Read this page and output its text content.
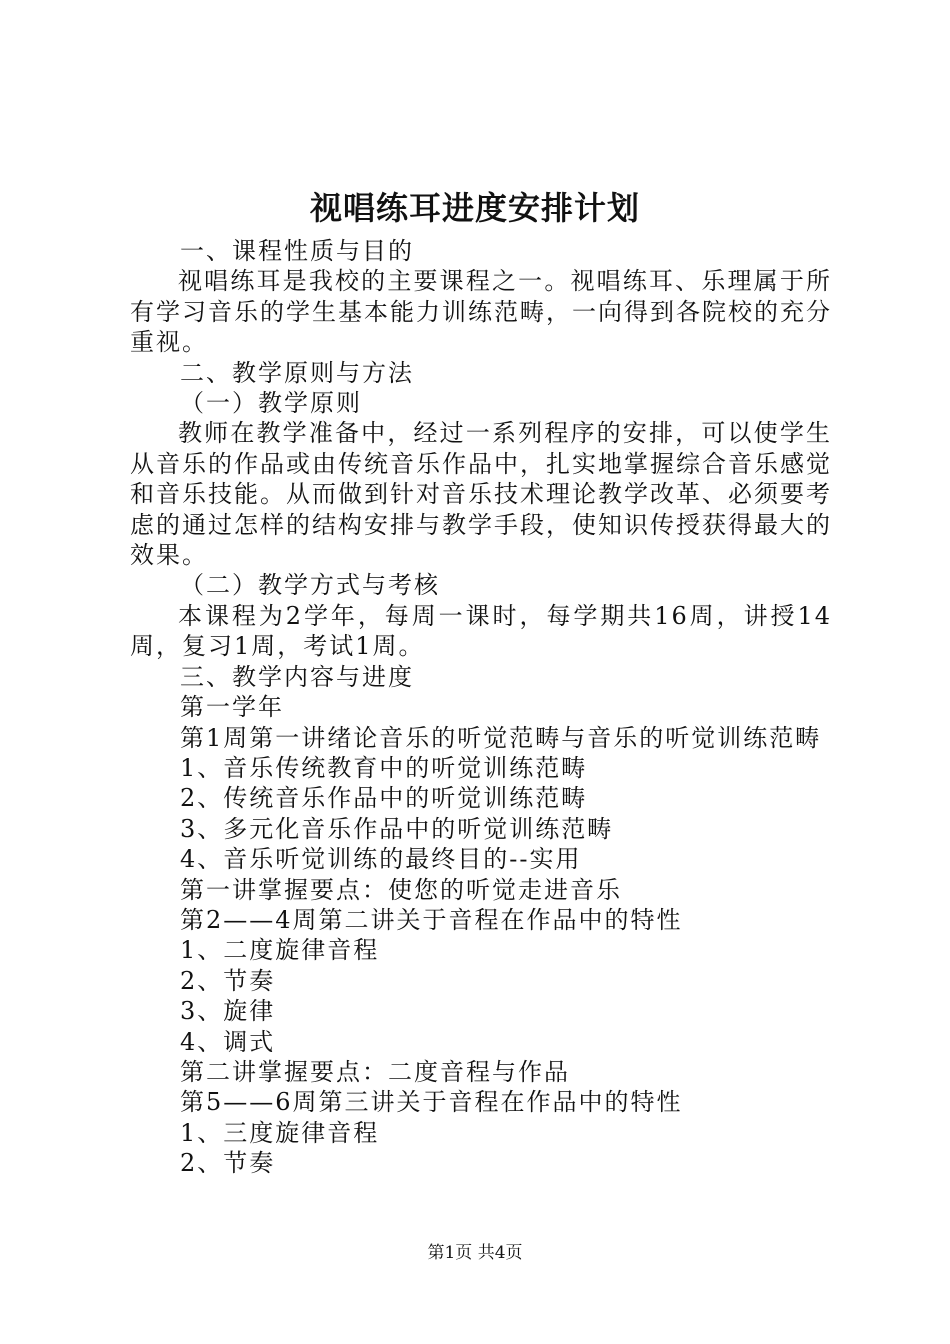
视唱练耳进度安排计划

一、课程性质与目的

视唱练耳是我校的主要课程之一。视唱练耳、乐理属于所有学习音乐的学生基本能力训练范畴，一向得到各院校的充分重视。

二、教学原则与方法

（一）教学原则

教师在教学准备中，经过一系列程序的安排，可以使学生从音乐的作品或由传统音乐作品中，扎实地掌握综合音乐感觉和音乐技能。从而做到针对音乐技术理论教学改革、必须要考虑的通过怎样的结构安排与教学手段，使知识传授获得最大的效果。

（二）教学方式与考核

本课程为2学年，每周一课时，每学期共16周，讲授14周，复习1周，考试1周。

三、教学内容与进度

第一学年

第1周第一讲绪论音乐的听觉范畴与音乐的听觉训练范畴

1、音乐传统教育中的听觉训练范畴

2、传统音乐作品中的听觉训练范畴

3、多元化音乐作品中的听觉训练范畴

4、音乐听觉训练的最终目的--实用

第一讲掌握要点：使您的听觉走进音乐

第2——4周第二讲关于音程在作品中的特性

1、二度旋律音程

2、节奏

3、旋律

4、调式

第二讲掌握要点：二度音程与作品

第5——6周第三讲关于音程在作品中的特性

1、三度旋律音程

2、节奏

第1页 共4页
